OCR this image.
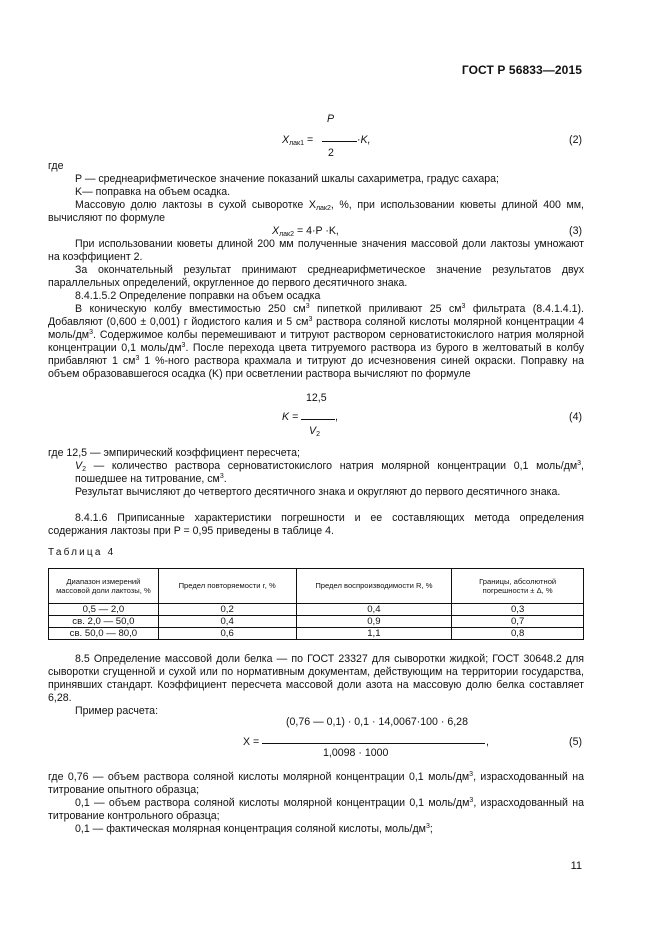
ГОСТ Р 56833—2015
P
$X_{лак1}$ =	·K,
2
(2)
где
P — среднеарифметическое значение показаний шкалы сахариметра, градус сахара;
K— поправка на объем осадка.
Массовую долю лактозы в сухой сыворотке $Х_{лак2}$, %, при использовании кюветы длиной 400 мм, вычисляют по формуле
$X_{лак2} = 4\cdot P \cdot K$,	(3)
При использовании кюветы длиной 200 мм полученные значения массовой доли лактозы умножают на коэффициент 2.
За окончательный результат принимают среднеарифметическое значение результатов двух параллельных определений, округленное до первого десятичного знака.
8.4.1.5.2 Определение поправки на объем осадка
В коническую колбу вместимостью 250 $см^3$ пипеткой приливают 25 $см^3$ фильтрата (8.4.1.4.1). Добавляют (0,600 ± 0,001) г йодистого калия и 5 $см^3$ раствора соляной кислоты молярной концентрации 4 моль/$дм^3$. Содержимое колбы перемешивают и титруют раствором серноватистокислого натрия молярной концентрации 0,1 моль/$дм^3$. После перехода цвета титруемого раствора из бурого в желтоватый в колбу прибавляют 1 $см^3$ 1 %-ного раствора крахмала и титруют до исчезновения синей окраски. Поправку на объем образовавшегося осадка (K) при осветлении раствора вычисляют по формуле
12,5
K =	,
$V_2$
(4)
где 12,5 — эмпирический коэффициент пересчета;
$V_2$ — количество раствора серноватистокислого натрия молярной концентрации 0,1 моль/$дм^3$, пошедшее на титрование, $см^3$.
Результат вычисляют до четвертого десятичного знака и округляют до первого десятичного знака.
8.4.1.6 Приписанные характеристики погрешности и ее составляющих метода определения содержания лактозы при P = 0,95 приведены в таблице 4.
Таблица 4
Диапазон измерений массовой доли лактозы, %	Предел повторяемости r, %	Предел воспроизводимости R, %	Границы, абсолютной погрешности ± Δ, %
0,5 — 2,0	0,2	0,4	0,3
св. 2,0 — 50,0	0,4	0,9	0,7
св. 50,0 — 80,0	0,6	1,1	0,8
8.5 Определение массовой доли белка — по ГОСТ 23327 для сыворотки жидкой; ГОСТ 30648.2 для сыворотки сгущенной и сухой или по нормативным документам, действующим на территории государства, принявших стандарт. Коэффициент пересчета массовой доли азота на массовую долю белка составляет 6,28.
Пример расчета:
(0,76 — 0,1) · 0,1 · 14,0067·100 · 6,28
X =	,
1,0098 · 1000
(5)
где 0,76 — объем раствора соляной кислоты молярной концентрации 0,1 моль/$дм^3$, израсходованный на титрование опытного образца;
0,1 — объем раствора соляной кислоты молярной концентрации 0,1 моль/$дм^3$, израсходованный на титрование контрольного образца;
0,1 — фактическая молярная концентрация соляной кислоты, моль/$дм^3$;
11
